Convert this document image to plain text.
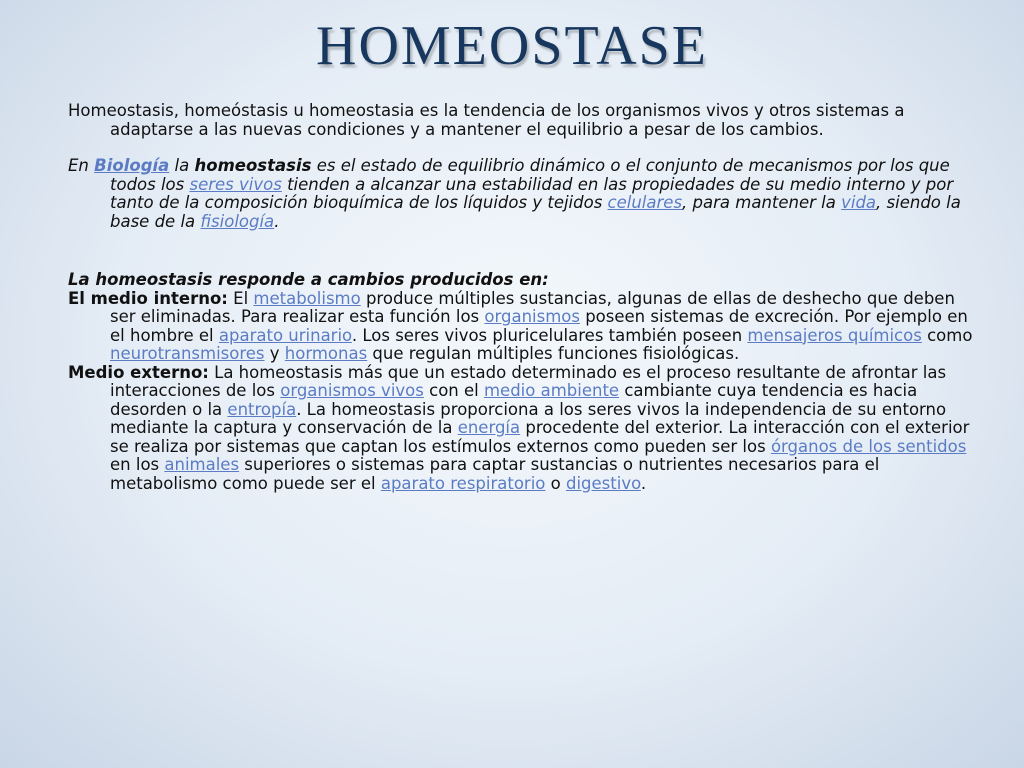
HOMEOSTASE

Homeostasis, homeóstasis u homeostasia es la tendencia de los organismos vivos y otros sistemas a adaptarse a las nuevas condiciones y a mantener el equilibrio a pesar de los cambios.

En Biología la homeostasis es el estado de equilibrio dinámico o el conjunto de mecanismos por los que todos los seres vivos tienden a alcanzar una estabilidad en las propiedades de su medio interno y por tanto de la composición bioquímica de los líquidos y tejidos celulares, para mantener la vida, siendo la base de la fisiología.

La homeostasis responde a cambios producidos en:

El medio interno: El metabolismo produce múltiples sustancias, algunas de ellas de deshecho que deben ser eliminadas. Para realizar esta función los organismos poseen sistemas de excreción. Por ejemplo en el hombre el aparato urinario. Los seres vivos pluricelulares también poseen mensajeros químicos como neurotransmisores y hormonas que regulan múltiples funciones fisiológicas.

Medio externo: La homeostasis más que un estado determinado es el proceso resultante de afrontar las interacciones de los organismos vivos con el medio ambiente cambiante cuya tendencia es hacia desorden o la entropía. La homeostasis proporciona a los seres vivos la independencia de su entorno mediante la captura y conservación de la energía procedente del exterior. La interacción con el exterior se realiza por sistemas que captan los estímulos externos como pueden ser los órganos de los sentidos en los animales superiores o sistemas para captar sustancias o nutrientes necesarios para el metabolismo como puede ser el aparato respiratorio o digestivo.
